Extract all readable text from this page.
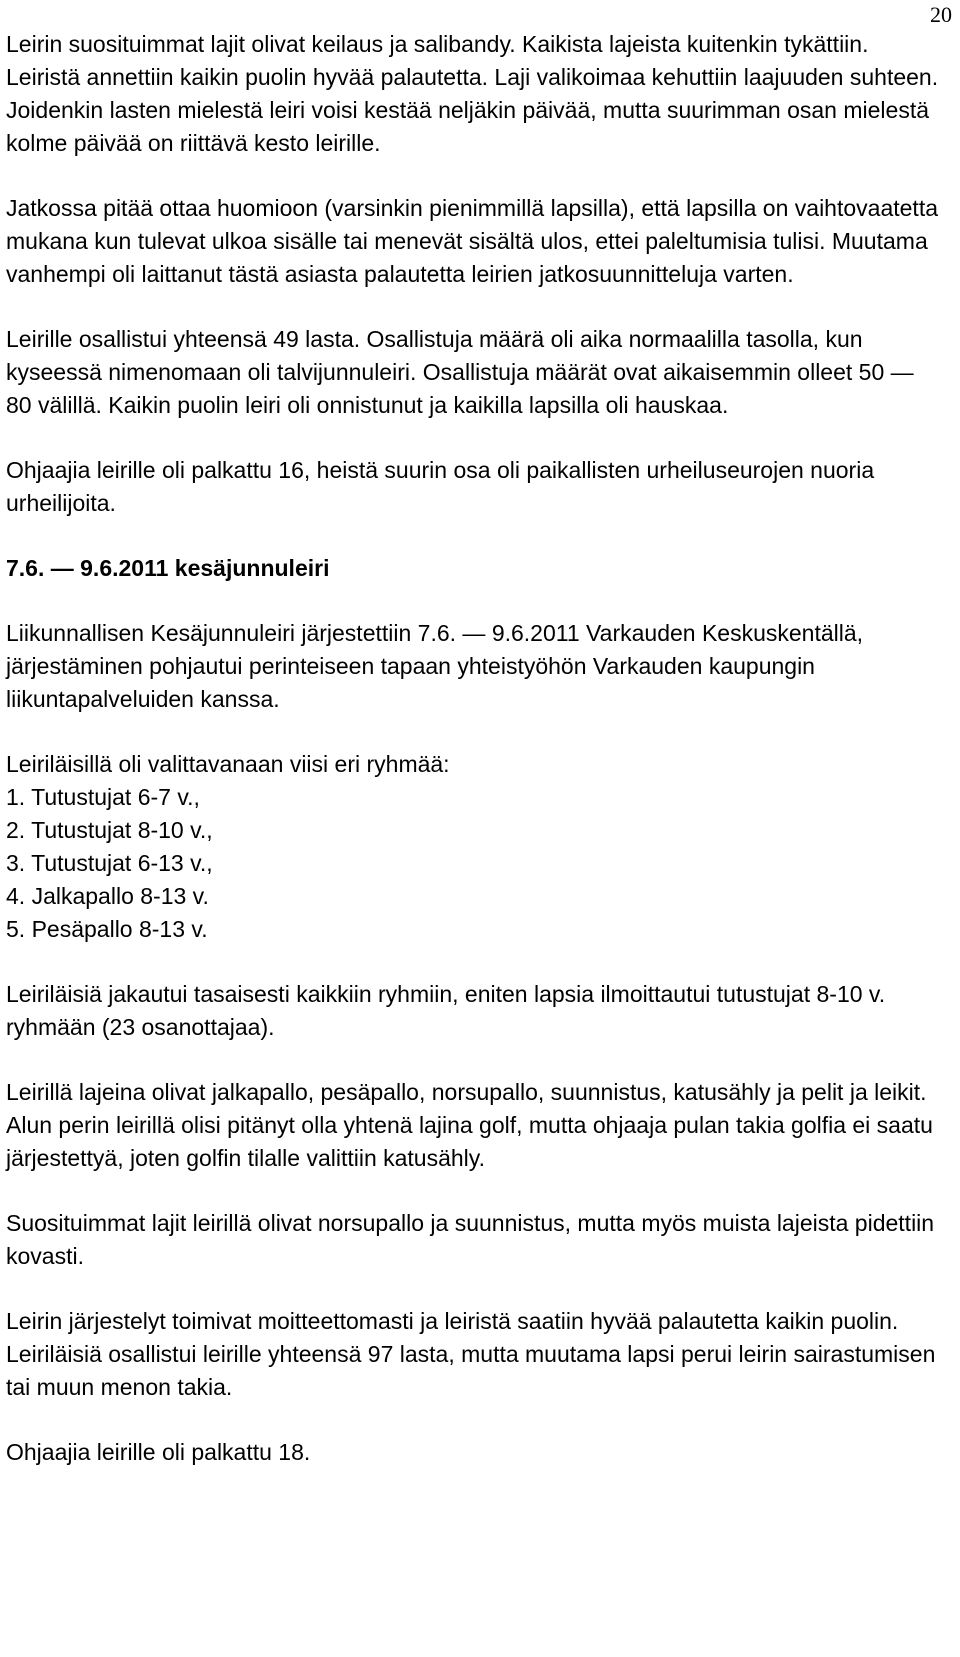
20

Leirin suosituimmat lajit olivat keilaus ja salibandy. Kaikista lajeista kuitenkin tykättiin. Leiristä annettiin kaikin puolin hyvää palautetta. Laji valikoimaa kehuttiin laajuuden suhteen. Joidenkin lasten mielestä leiri voisi kestää neljäkin päivää, mutta suurimman osan mielestä kolme päivää on riittävä kesto leirille.

Jatkossa pitää ottaa huomioon (varsinkin pienimmillä lapsilla), että lapsilla on vaihtovaatetta mukana kun tulevat ulkoa sisälle tai menevät sisältä ulos, ettei paleltumisia tulisi. Muutama vanhempi oli laittanut tästä asiasta palautetta leirien jatkosuunnitteluja varten.

Leirille osallistui yhteensä 49 lasta. Osallistuja määrä oli aika normaalilla tasolla, kun kyseessä nimenomaan oli talvijunnuleiri. Osallistuja määrät ovat aikaisemmin olleet 50 — 80 välillä. Kaikin puolin leiri oli onnistunut ja kaikilla lapsilla oli hauskaa.

Ohjaajia leirille oli palkattu 16, heistä suurin osa oli paikallisten urheiluseurojen nuoria urheilijoita.

7.6. — 9.6.2011 kesäjunnuleiri

Liikunnallisen Kesäjunnuleiri järjestettiin 7.6. — 9.6.2011 Varkauden Keskuskentällä, järjestäminen pohjautui perinteiseen tapaan yhteistyöhön Varkauden kaupungin liikuntapalveluiden kanssa.

Leiriläisillä oli valittavanaan viisi eri ryhmää:

1. Tutustujat 6-7 v.,
2. Tutustujat 8-10 v.,
3. Tutustujat 6-13 v.,
4. Jalkapallo 8-13 v.
5. Pesäpallo 8-13 v.

Leiriläisiä jakautui tasaisesti kaikkiin ryhmiin, eniten lapsia ilmoittautui tutustujat 8-10 v. ryhmään (23 osanottajaa).

Leirillä lajeina olivat jalkapallo, pesäpallo, norsupallo, suunnistus, katusähly ja pelit ja leikit. Alun perin leirillä olisi pitänyt olla yhtenä lajina golf, mutta ohjaaja pulan takia golfia ei saatu järjestettyä, joten golfin tilalle valittiin katusähly.

Suosituimmat lajit leirillä olivat norsupallo ja suunnistus, mutta myös muista lajeista pidettiin kovasti.

Leirin järjestelyt toimivat moitteettomasti ja leiristä saatiin hyvää palautetta kaikin puolin. Leiriläisiä osallistui leirille yhteensä 97 lasta, mutta muutama lapsi perui leirin sairastumisen tai muun menon takia.

Ohjaajia leirille oli palkattu 18.
